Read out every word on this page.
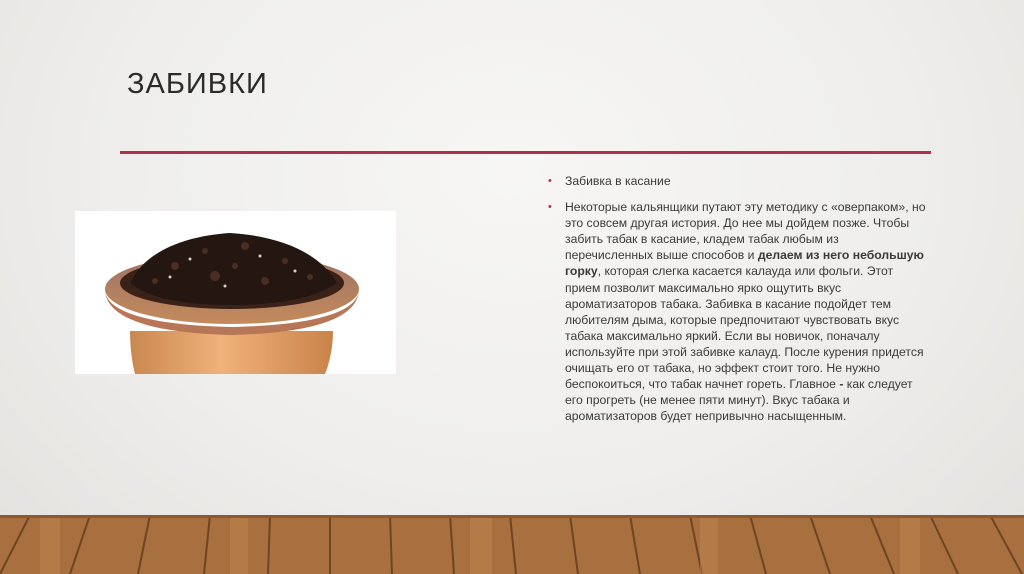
ЗАБИВКИ
• Забивка в касание
• Некоторые кальянщики путают эту методику с «оверпаком», но это совсем другая история. До нее мы дойдем позже. Чтобы забить табак в касание, кладем табак любым из перечисленных выше способов и делаем из него небольшую горку, которая слегка касается калауда или фольги. Этот прием позволит максимально ярко ощутить вкус ароматизаторов табака. Забивка в касание подойдет тем любителям дыма, которые предпочитают чувствовать вкус табака максимально яркий. Если вы новичок, поначалу используйте при этой забивке калауд. После курения придется очищать его от табака, но эффект стоит того. Не нужно беспокоиться, что табак начнет гореть. Главное - как следует его прогреть (не менее пяти минут). Вкус табака и ароматизаторов будет непривычно насыщенным.
